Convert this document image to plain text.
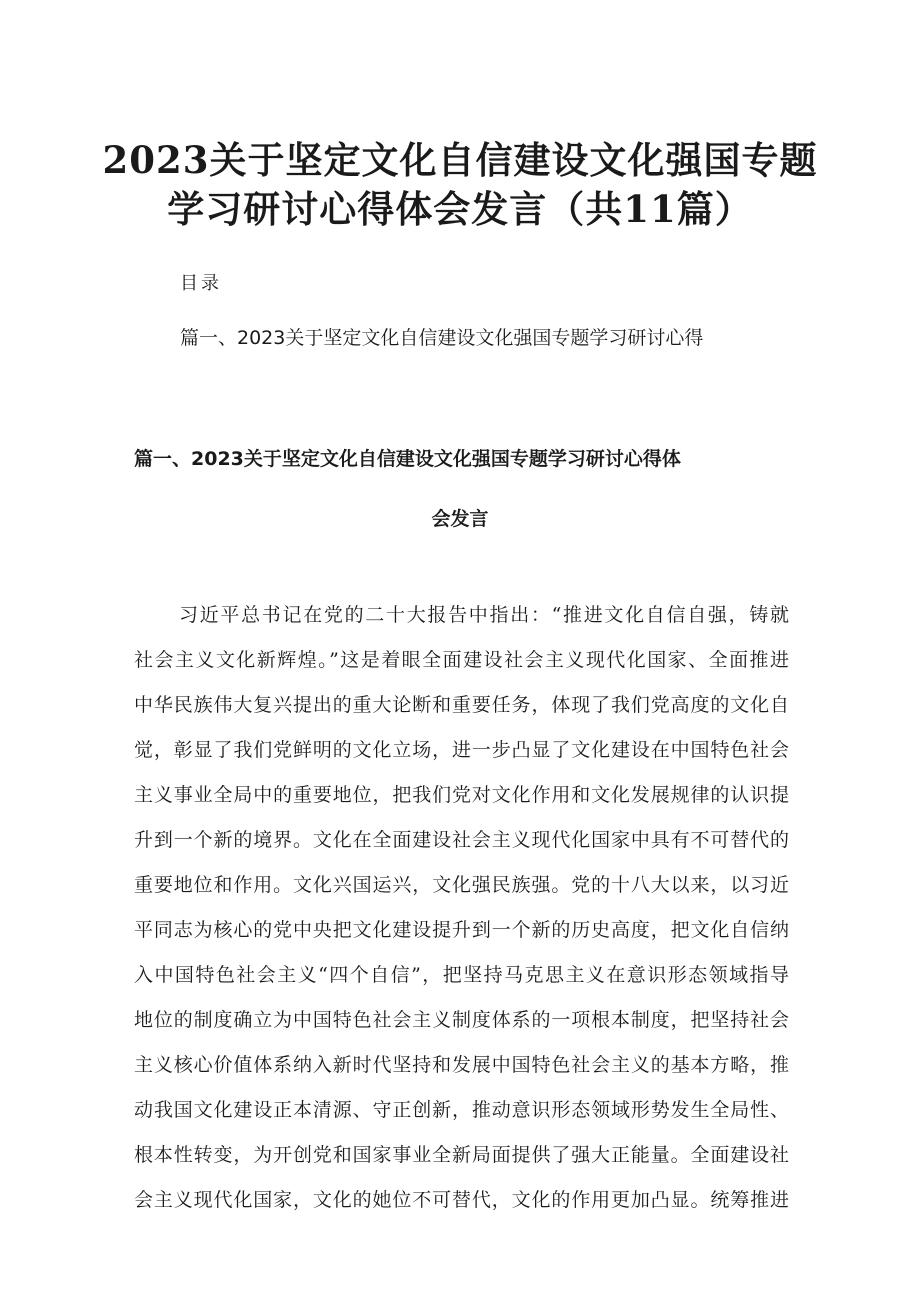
2023关于坚定文化自信建设文化强国专题
学习研讨心得体会发言（共11篇）
目录
篇一、2023关于坚定文化自信建设文化强国专题学习研讨心得
篇一、2023关于坚定文化自信建设文化强国专题学习研讨心得体
会发言
习近平总书记在党的二十大报告中指出：“推进文化自信自强，铸就
社会主义文化新辉煌。”这是着眼全面建设社会主义现代化国家、全面推进
中华民族伟大复兴提出的重大论断和重要任务，体现了我们党高度的文化自
觉，彰显了我们党鲜明的文化立场，进一步凸显了文化建设在中国特色社会
主义事业全局中的重要地位，把我们党对文化作用和文化发展规律的认识提
升到一个新的境界。文化在全面建设社会主义现代化国家中具有不可替代的
重要地位和作用。文化兴国运兴，文化强民族强。党的十八大以来，以习近
平同志为核心的党中央把文化建设提升到一个新的历史高度，把文化自信纳
入中国特色社会主义“四个自信”，把坚持马克思主义在意识形态领域指导
地位的制度确立为中国特色社会主义制度体系的一项根本制度，把坚持社会
主义核心价值体系纳入新时代坚持和发展中国特色社会主义的基本方略，推
动我国文化建设正本清源、守正创新，推动意识形态领域形势发生全局性、
根本性转变，为开创党和国家事业全新局面提供了强大正能量。全面建设社
会主义现代化国家，文化的她位不可替代，文化的作用更加凸显。统筹推进
